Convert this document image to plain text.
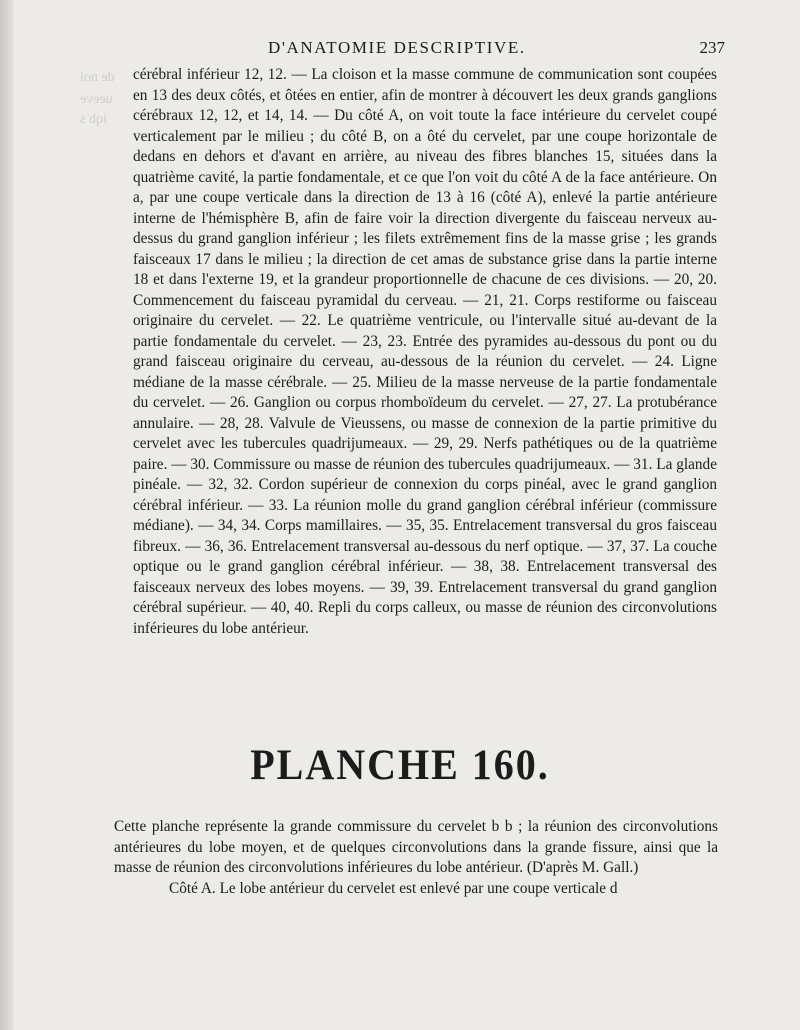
de noi
ueeve
iqb s
D'ANATOMIE DESCRIPTIVE.	237

cérébral inférieur 12, 12. — La cloison et la masse commune de communication sont coupées en 13 des deux côtés, et ôtées en entier, afin de montrer à découvert les deux grands ganglions cérébraux 12, 12, et 14, 14. — Du côté A, on voit toute la face intérieure du cervelet coupé verticalement par le milieu ; du côté B, on a ôté du cervelet, par une coupe horizontale de dedans en dehors et d'avant en arrière, au niveau des fibres blanches 15, situées dans la quatrième cavité, la partie fondamentale, et ce que l'on voit du côté A de la face antérieure. On a, par une coupe verticale dans la direction de 13 à 16 (côté A), enlevé la partie antérieure interne de l'hémisphère B, afin de faire voir la direction divergente du faisceau nerveux au-dessus du grand ganglion inférieur ; les filets extrêmement fins de la masse grise ; les grands faisceaux 17 dans le milieu ; la direction de cet amas de substance grise dans la partie interne 18 et dans l'externe 19, et la grandeur proportionnelle de chacune de ces divisions. — 20, 20. Commencement du faisceau pyramidal du cerveau. — 21, 21. Corps restiforme ou faisceau originaire du cervelet. — 22. Le quatrième ventricule, ou l'intervalle situé au-devant de la partie fondamentale du cervelet. — 23, 23. Entrée des pyramides au-dessous du pont ou du grand faisceau originaire du cerveau, au-dessous de la réunion du cervelet. — 24. Ligne médiane de la masse cérébrale. — 25. Milieu de la masse nerveuse de la partie fondamentale du cervelet. — 26. Ganglion ou corpus rhomboïdeum du cervelet. — 27, 27. La protubérance annulaire. — 28, 28. Valvule de Vieussens, ou masse de connexion de la partie primitive du cervelet avec les tubercules quadrijumeaux. — 29, 29. Nerfs pathétiques ou de la quatrième paire. — 30. Commissure ou masse de réunion des tubercules quadrijumeaux. — 31. La glande pinéale. — 32, 32. Cordon supérieur de connexion du corps pinéal, avec le grand ganglion cérébral inférieur. — 33. La réunion molle du grand ganglion cérébral inférieur (commissure médiane). — 34, 34. Corps mamillaires. — 35, 35. Entrelacement transversal du gros faisceau fibreux. — 36, 36. Entrelacement transversal au-dessous du nerf optique. — 37, 37. La couche optique ou le grand ganglion cérébral inférieur. — 38, 38. Entrelacement transversal des faisceaux nerveux des lobes moyens. — 39, 39. Entrelacement transversal du grand ganglion cérébral supérieur. — 40, 40. Repli du corps calleux, ou masse de réunion des circonvolutions inférieures du lobe antérieur.

PLANCHE 160.

Cette planche représente la grande commissure du cervelet b b ; la réunion des circonvolutions antérieures du lobe moyen, et de quelques circonvolutions dans la grande fissure, ainsi que la masse de réunion des circonvolutions inférieures du lobe antérieur. (D'après M. Gall.)

Côté A. Le lobe antérieur du cervelet est enlevé par une coupe verticale d
